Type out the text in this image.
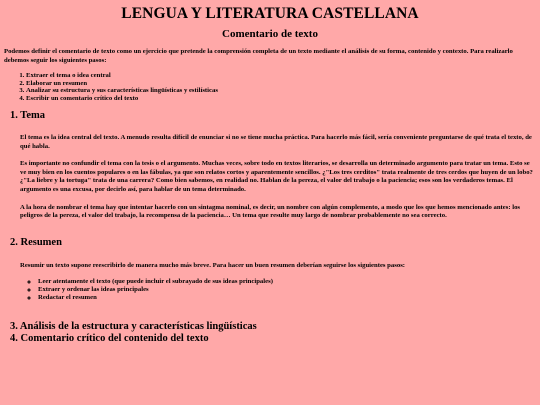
LENGUA Y LITERATURA CASTELLANA
Comentario de texto

Podemos definir el comentario de texto como un ejercicio que pretende la comprensión completa de un texto mediante el análisis de su forma, contenido y contexto. Para realizarlo debemos seguir los siguientes pasos:

1. Extraer el tema o idea central
2. Elaborar un resumen
3. Analizar su estructura y sus características lingüísticas y estilísticas
4. Escribir un comentario crítico del texto
1. Tema

El tema es la idea central del texto. A menudo resulta difícil de enunciar si no se tiene mucha práctica. Para hacerlo más fácil, sería conveniente preguntarse de qué trata el texto, de qué habla.

Es importante no confundir el tema con la tesis o el argumento. Muchas veces, sobre todo en textos literarios, se desarrolla un determinado argumento para tratar un tema. Esto se ve muy bien en los cuentos populares o en las fábulas, ya que son relatos cortos y aparentemente sencillos. ¿"Los tres cerditos" trata realmente de tres cerdos que huyen de un lobo? ¿"La liebre y la tortuga" trata de una carrera? Como bien sabemos, en realidad no. Hablan de la pereza, el valor del trabajo o la paciencia; esos son los verdaderos temas. El argumento es una excusa, por decirlo así, para hablar de un tema determinado.

A la hora de nombrar el tema hay que intentar hacerlo con un sintagma nominal, es decir, un nombre con algún complemento, a modo que los que hemos mencionado antes: los peligros de la pereza, el valor del trabajo, la recompensa de la paciencia… Un tema que resulte muy largo de nombrar probablemente no sea correcto.

2. Resumen

Resumir un texto supone reescribirlo de manera mucho más breve. Para hacer un buen resumen deberían seguirse los siguientes pasos:

◦ Leer atentamente el texto (que puede incluir el subrayado de sus ideas principales)
◦ Extraer y ordenar las ideas principales
◦ Redactar el resumen
3. Análisis de la estructura y características lingüísticas
4. Comentario crítico del contenido del texto
